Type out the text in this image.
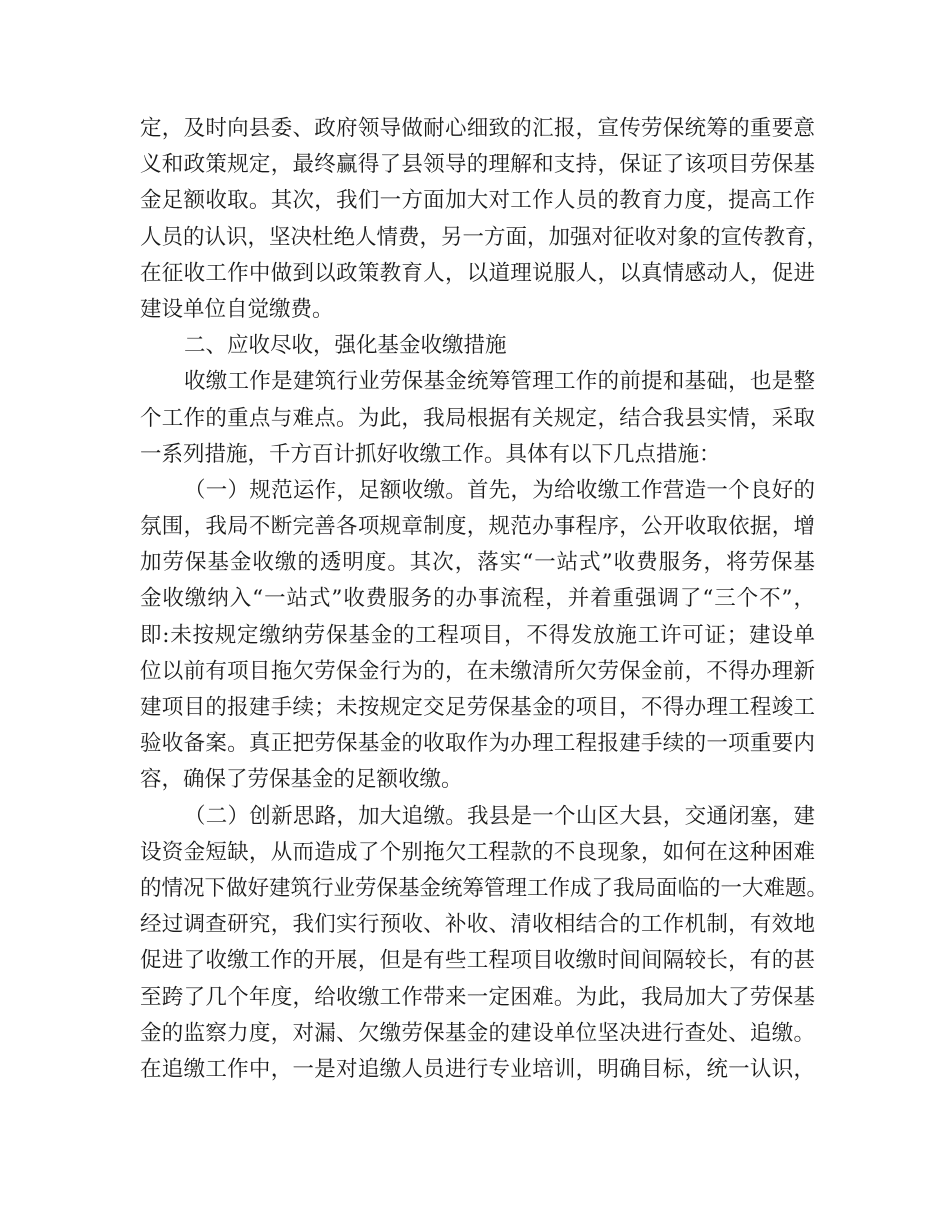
定，及时向县委、政府领导做耐心细致的汇报，宣传劳保统筹的重要意
义和政策规定，最终赢得了县领导的理解和支持，保证了该项目劳保基
金足额收取。其次，我们一方面加大对工作人员的教育力度，提高工作
人员的认识，坚决杜绝人情费，另一方面，加强对征收对象的宣传教育，
在征收工作中做到以政策教育人，以道理说服人，以真情感动人，促进
建设单位自觉缴费。
二、应收尽收，强化基金收缴措施
收缴工作是建筑行业劳保基金统筹管理工作的前提和基础，也是整
个工作的重点与难点。为此，我局根据有关规定，结合我县实情，采取
一系列措施，千方百计抓好收缴工作。具体有以下几点措施：
（一）规范运作，足额收缴。首先，为给收缴工作营造一个良好的
氛围，我局不断完善各项规章制度，规范办事程序，公开收取依据，增
加劳保基金收缴的透明度。其次，落实“一站式”收费服务，将劳保基
金收缴纳入“一站式”收费服务的办事流程，并着重强调了“三个不”，
即:未按规定缴纳劳保基金的工程项目，不得发放施工许可证；建设单
位以前有项目拖欠劳保金行为的，在未缴清所欠劳保金前，不得办理新
建项目的报建手续；未按规定交足劳保基金的项目，不得办理工程竣工
验收备案。真正把劳保基金的收取作为办理工程报建手续的一项重要内
容，确保了劳保基金的足额收缴。
（二）创新思路，加大追缴。我县是一个山区大县，交通闭塞，建
设资金短缺，从而造成了个别拖欠工程款的不良现象，如何在这种困难
的情况下做好建筑行业劳保基金统筹管理工作成了我局面临的一大难题。
经过调查研究，我们实行预收、补收、清收相结合的工作机制，有效地
促进了收缴工作的开展，但是有些工程项目收缴时间间隔较长，有的甚
至跨了几个年度，给收缴工作带来一定困难。为此，我局加大了劳保基
金的监察力度，对漏、欠缴劳保基金的建设单位坚决进行查处、追缴。
在追缴工作中，一是对追缴人员进行专业培训，明确目标，统一认识，
